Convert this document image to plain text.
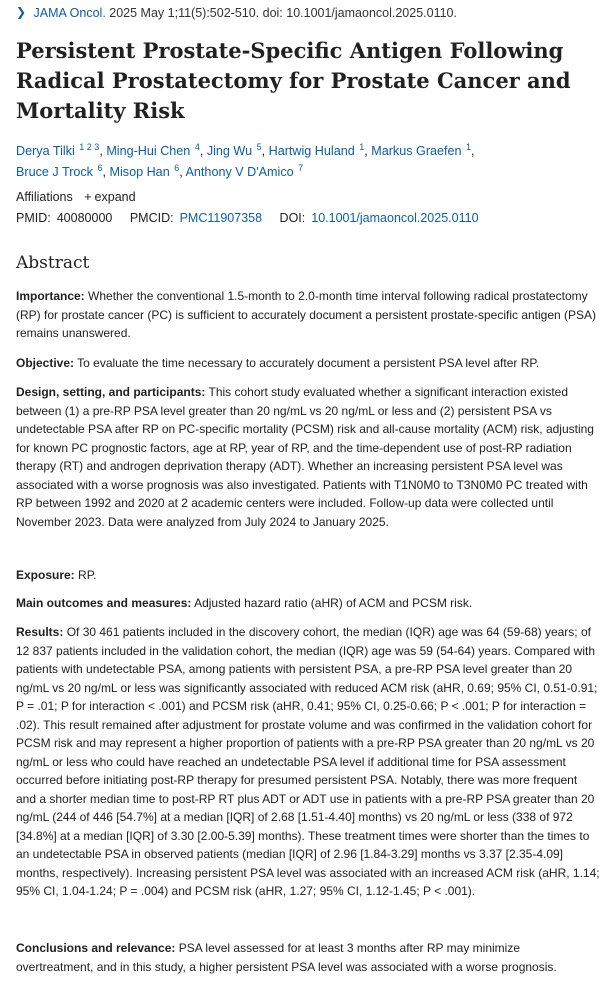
❯ JAMA Oncol. 2025 May 1;11(5):502-510. doi: 10.1001/jamaoncol.2025.0110.
Persistent Prostate-Specific Antigen Following Radical Prostatectomy for Prostate Cancer and Mortality Risk
Derya Tilki $^{1 2 3}$, Ming-Hui Chen $^4$, Jing Wu $^5$, Hartwig Huland $^1$, Markus Graefen $^1$,
Bruce J Trock $^6$, Misop Han $^6$, Anthony V D'Amico $^7$
Affiliations + expand
PMID: 40080000 PMCID: PMC11907358 DOI: 10.1001/jamaoncol.2025.0110
Abstract

Importance: Whether the conventional 1.5-month to 2.0-month time interval following radical prostatectomy (RP) for prostate cancer (PC) is sufficient to accurately document a persistent prostate-specific antigen (PSA) remains unanswered.

Objective: To evaluate the time necessary to accurately document a persistent PSA level after RP.

Design, setting, and participants: This cohort study evaluated whether a significant interaction existed between (1) a pre-RP PSA level greater than 20 ng/mL vs 20 ng/mL or less and (2) persistent PSA vs undetectable PSA after RP on PC-specific mortality (PCSM) risk and all-cause mortality (ACM) risk, adjusting for known PC prognostic factors, age at RP, year of RP, and the time-dependent use of post-RP radiation therapy (RT) and androgen deprivation therapy (ADT). Whether an increasing persistent PSA level was associated with a worse prognosis was also investigated. Patients with T1N0M0 to T3N0M0 PC treated with RP between 1992 and 2020 at 2 academic centers were included. Follow-up data were collected until November 2023. Data were analyzed from July 2024 to January 2025.

Exposure: RP.

Main outcomes and measures: Adjusted hazard ratio (aHR) of ACM and PCSM risk.

Results: Of 30 461 patients included in the discovery cohort, the median (IQR) age was 64 (59-68) years; of 12 837 patients included in the validation cohort, the median (IQR) age was 59 (54-64) years. Compared with patients with undetectable PSA, among patients with persistent PSA, a pre-RP PSA level greater than 20 ng/mL vs 20 ng/mL or less was significantly associated with reduced ACM risk (aHR, 0.69; 95% CI, 0.51-0.91; P = .01; P for interaction < .001) and PCSM risk (aHR, 0.41; 95% CI, 0.25-0.66; P < .001; P for interaction = .02). This result remained after adjustment for prostate volume and was confirmed in the validation cohort for PCSM risk and may represent a higher proportion of patients with a pre-RP PSA greater than 20 ng/mL vs 20 ng/mL or less who could have reached an undetectable PSA level if additional time for PSA assessment occurred before initiating post-RP therapy for presumed persistent PSA. Notably, there was more frequent and a shorter median time to post-RP RT plus ADT or ADT use in patients with a pre-RP PSA greater than 20 ng/mL (244 of 446 [54.7%] at a median [IQR] of 2.68 [1.51-4.40] months) vs 20 ng/mL or less (338 of 972 [34.8%] at a median [IQR] of 3.30 [2.00-5.39] months). These treatment times were shorter than the times to an undetectable PSA in observed patients (median [IQR] of 2.96 [1.84-3.29] months vs 3.37 [2.35-4.09] months, respectively). Increasing persistent PSA level was associated with an increased ACM risk (aHR, 1.14; 95% CI, 1.04-1.24; P = .004) and PCSM risk (aHR, 1.27; 95% CI, 1.12-1.45; P < .001).

Conclusions and relevance: PSA level assessed for at least 3 months after RP may minimize overtreatment, and in this study, a higher persistent PSA level was associated with a worse prognosis.
